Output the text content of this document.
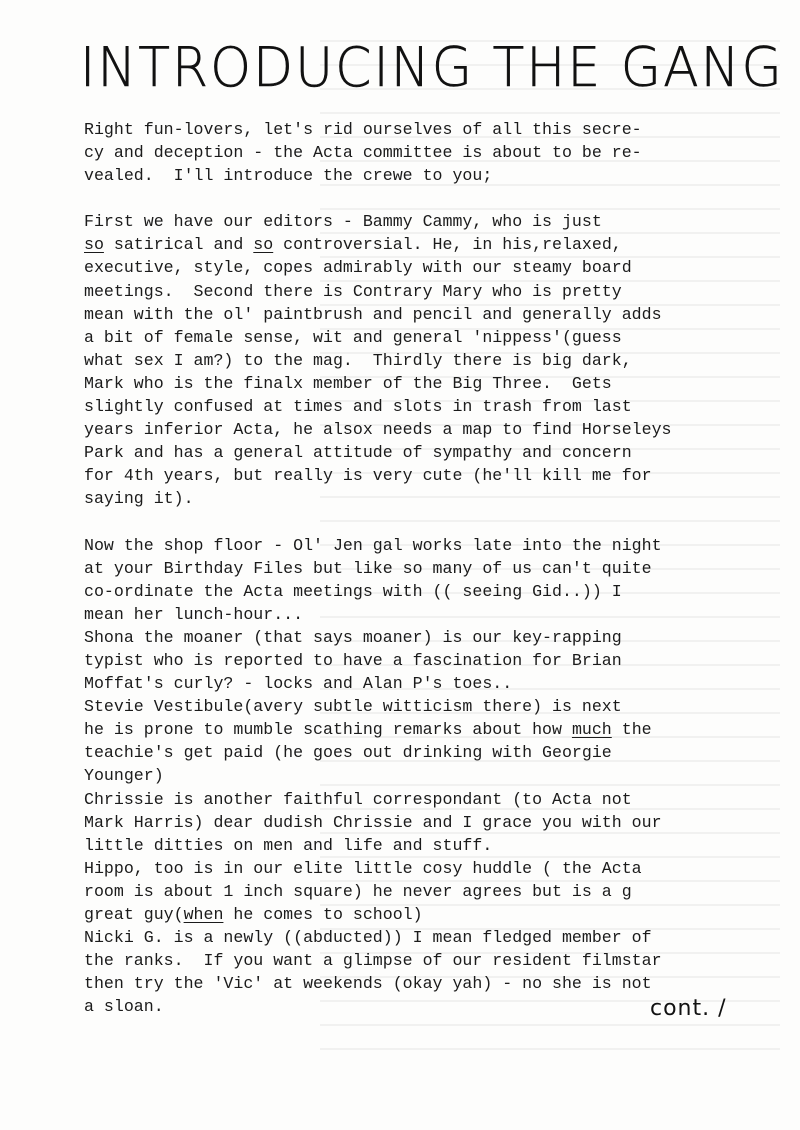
INTRODUCING THE GANG
Right fun-lovers, let's rid ourselves of all this secre-
cy and deception - the Acta committee is about to be re-
vealed.  I'll introduce the crewe to you;
First we have our editors - Bammy Cammy, who is just
so satirical and so controversial. He, in his,relaxed,
executive, style, copes admirably with our steamy board
meetings.  Second there is Contrary Mary who is pretty
mean with the ol' paintbrush and pencil and generally adds
a bit of female sense, wit and general 'nippess'(guess
what sex I am?) to the mag.  Thirdly there is big dark,
Mark who is the finalx member of the Big Three.  Gets
slightly confused at times and slots in trash from last
years inferior Acta, he alsox needs a map to find Horseleys
Park and has a general attitude of sympathy and concern
for 4th years, but really is very cute (he'll kill me for
saying it).
Now the shop floor - Ol' Jen gal works late into the night
at your Birthday Files but like so many of us can't quite
co-ordinate the Acta meetings with (( seeing Gid..)) I
mean her lunch-hour...
Shona the moaner (that says moaner) is our key-rapping
typist who is reported to have a fascination for Brian
Moffat's curly? - locks and Alan P's toes..
Stevie Vestibule(avery subtle witticism there) is next
he is prone to mumble scathing remarks about how much the
teachie's get paid (he goes out drinking with Georgie
Younger)
Chrissie is another faithful correspondant (to Acta not
Mark Harris) dear dudish Chrissie and I grace you with our
little ditties on men and life and stuff.
Hippo, too is in our elite little cosy huddle ( the Acta
room is about 1 inch square) he never agrees but is a g
great guy(when he comes to school)
Nicki G. is a newly ((abducted)) I mean fledged member of
the ranks.  If you want a glimpse of our resident filmstar
then try the 'Vic' at weekends (okay yah) - no she is not
a sloan.	cont. /
